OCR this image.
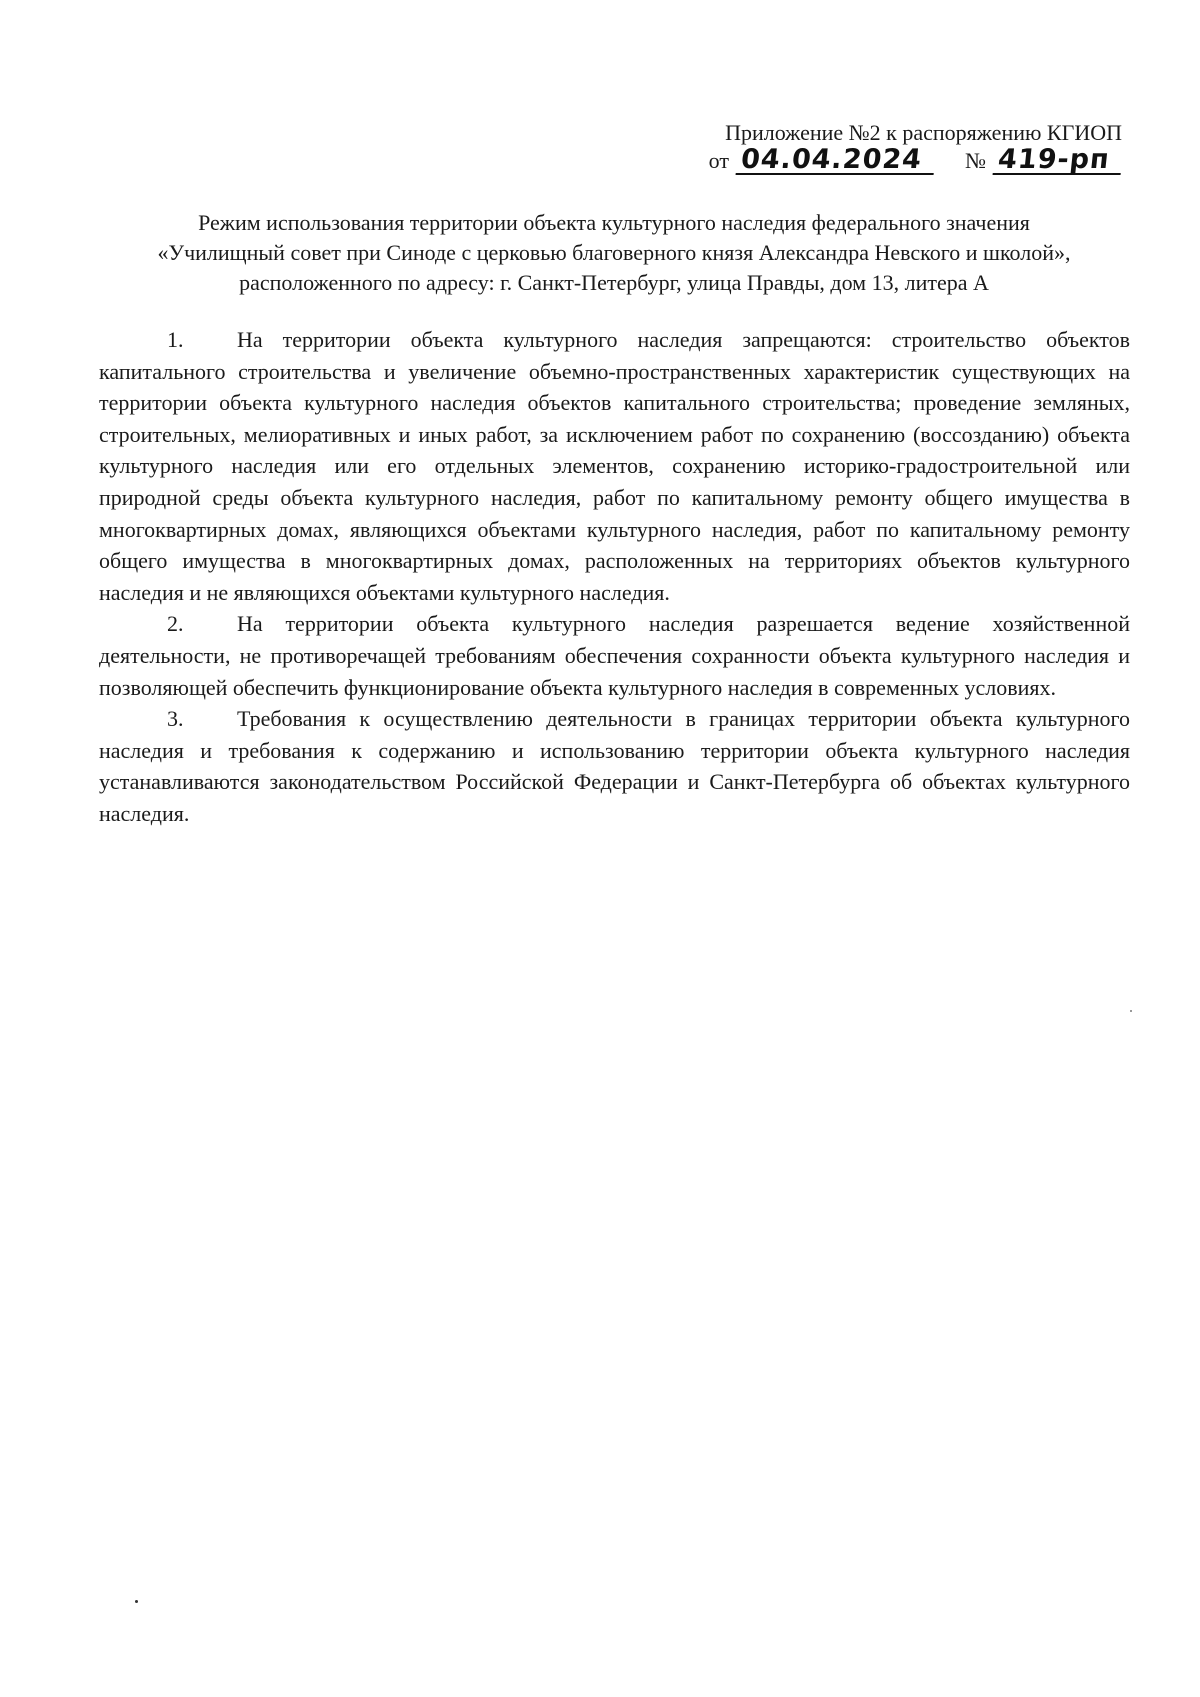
Приложение №2 к распоряжению КГИОП
от 04.04.2024	№ 419-рп
Режим использования территории объекта культурного наследия федерального значения
«Училищный совет при Синоде с церковью благоверного князя Александра Невского и школой»,
расположенного по адресу: г. Санкт-Петербург, улица Правды, дом 13, литера А

1. На территории объекта культурного наследия запрещаются: строительство объектов капитального строительства и увеличение объемно-пространственных характеристик существующих на территории объекта культурного наследия объектов капитального строительства; проведение земляных, строительных, мелиоративных и иных работ, за исключением работ по сохранению (воссозданию) объекта культурного наследия или его отдельных элементов, сохранению историко-градостроительной или природной среды объекта культурного наследия, работ по капитальному ремонту общего имущества в многоквартирных домах, являющихся объектами культурного наследия, работ по капитальному ремонту общего имущества в многоквартирных домах, расположенных на территориях объектов культурного наследия и не являющихся объектами культурного наследия.

2. На территории объекта культурного наследия разрешается ведение хозяйственной деятельности, не противоречащей требованиям обеспечения сохранности объекта культурного наследия и позволяющей обеспечить функционирование объекта культурного наследия в современных условиях.

3. Требования к осуществлению деятельности в границах территории объекта культурного наследия и требования к содержанию и использованию территории объекта культурного наследия устанавливаются законодательством Российской Федерации и Санкт-Петербурга об объектах культурного наследия.
